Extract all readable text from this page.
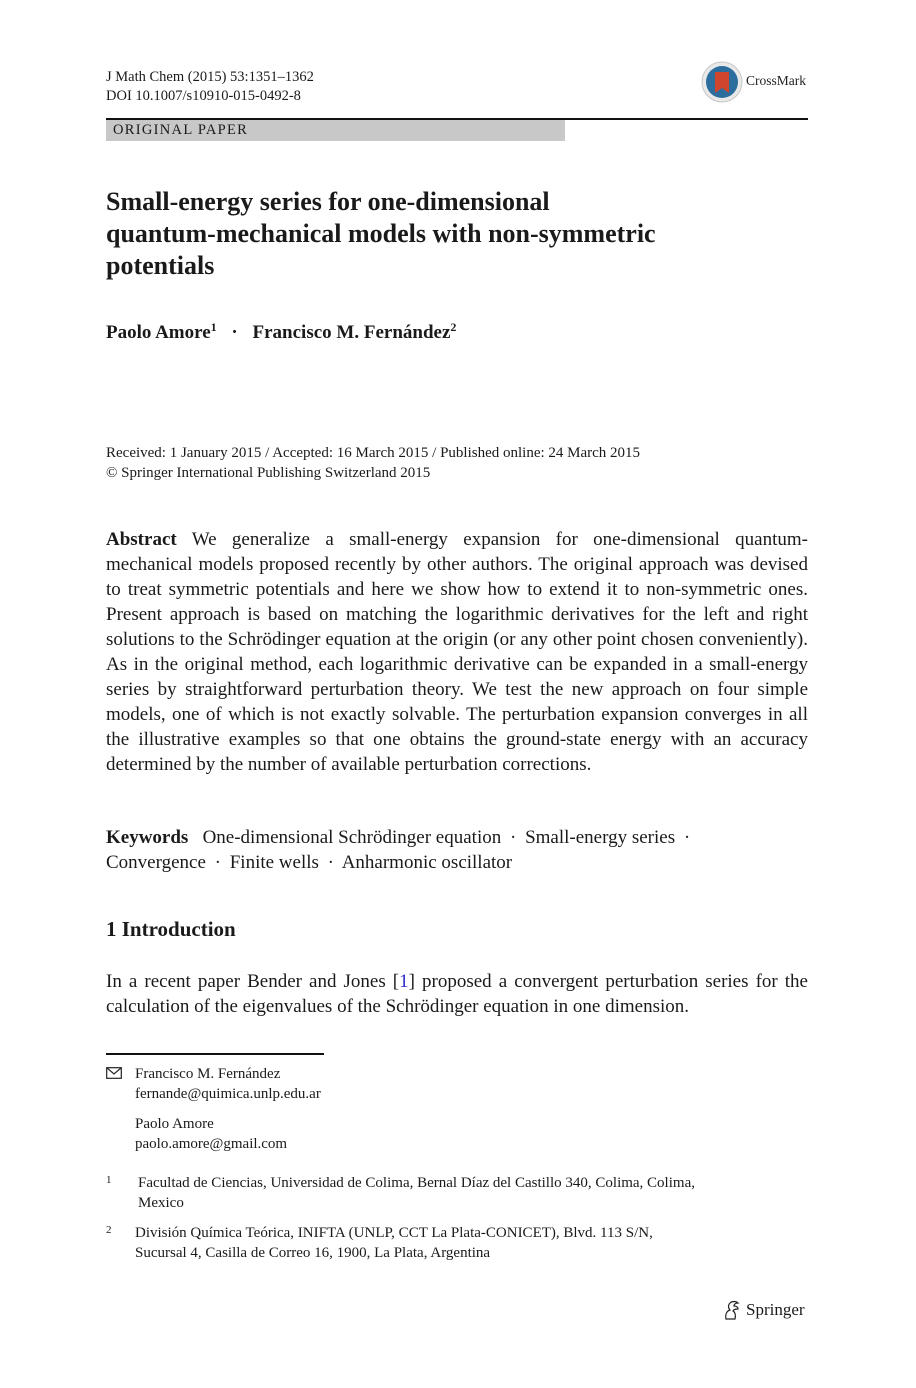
J Math Chem (2015) 53:1351–1362
DOI 10.1007/s10910-015-0492-8
CrossMark
ORIGINAL PAPER
Small-energy series for one-dimensional
quantum-mechanical models with non-symmetric
potentials
Paolo Amore$^1$ · Francisco M. Fernández$^2$
Received: 1 January 2015 / Accepted: 16 March 2015 / Published online: 24 March 2015
© Springer International Publishing Switzerland 2015
Abstract We generalize a small-energy expansion for one-dimensional quantum-mechanical models proposed recently by other authors. The original approach was devised to treat symmetric potentials and here we show how to extend it to non-symmetric ones. Present approach is based on matching the logarithmic derivatives for the left and right solutions to the Schrödinger equation at the origin (or any other point chosen conveniently). As in the original method, each logarithmic derivative can be expanded in a small-energy series by straightforward perturbation theory. We test the new approach on four simple models, one of which is not exactly solvable. The perturbation expansion converges in all the illustrative examples so that one obtains the ground-state energy with an accuracy determined by the number of available perturbation corrections.
Keywords One-dimensional Schrödinger equation · Small-energy series ·
Convergence · Finite wells · Anharmonic oscillator
1 Introduction
In a recent paper Bender and Jones [1] proposed a convergent perturbation series for the calculation of the eigenvalues of the Schrödinger equation in one dimension.
Francisco M. Fernández
fernande@quimica.unlp.edu.ar
Paolo Amore
paolo.amore@gmail.com
1 Facultad de Ciencias, Universidad de Colima, Bernal Díaz del Castillo 340, Colima, Colima,
Mexico
2 División Química Teórica, INIFTA (UNLP, CCT La Plata-CONICET), Blvd. 113 S/N,
Sucursal 4, Casilla de Correo 16, 1900, La Plata, Argentina
Springer
